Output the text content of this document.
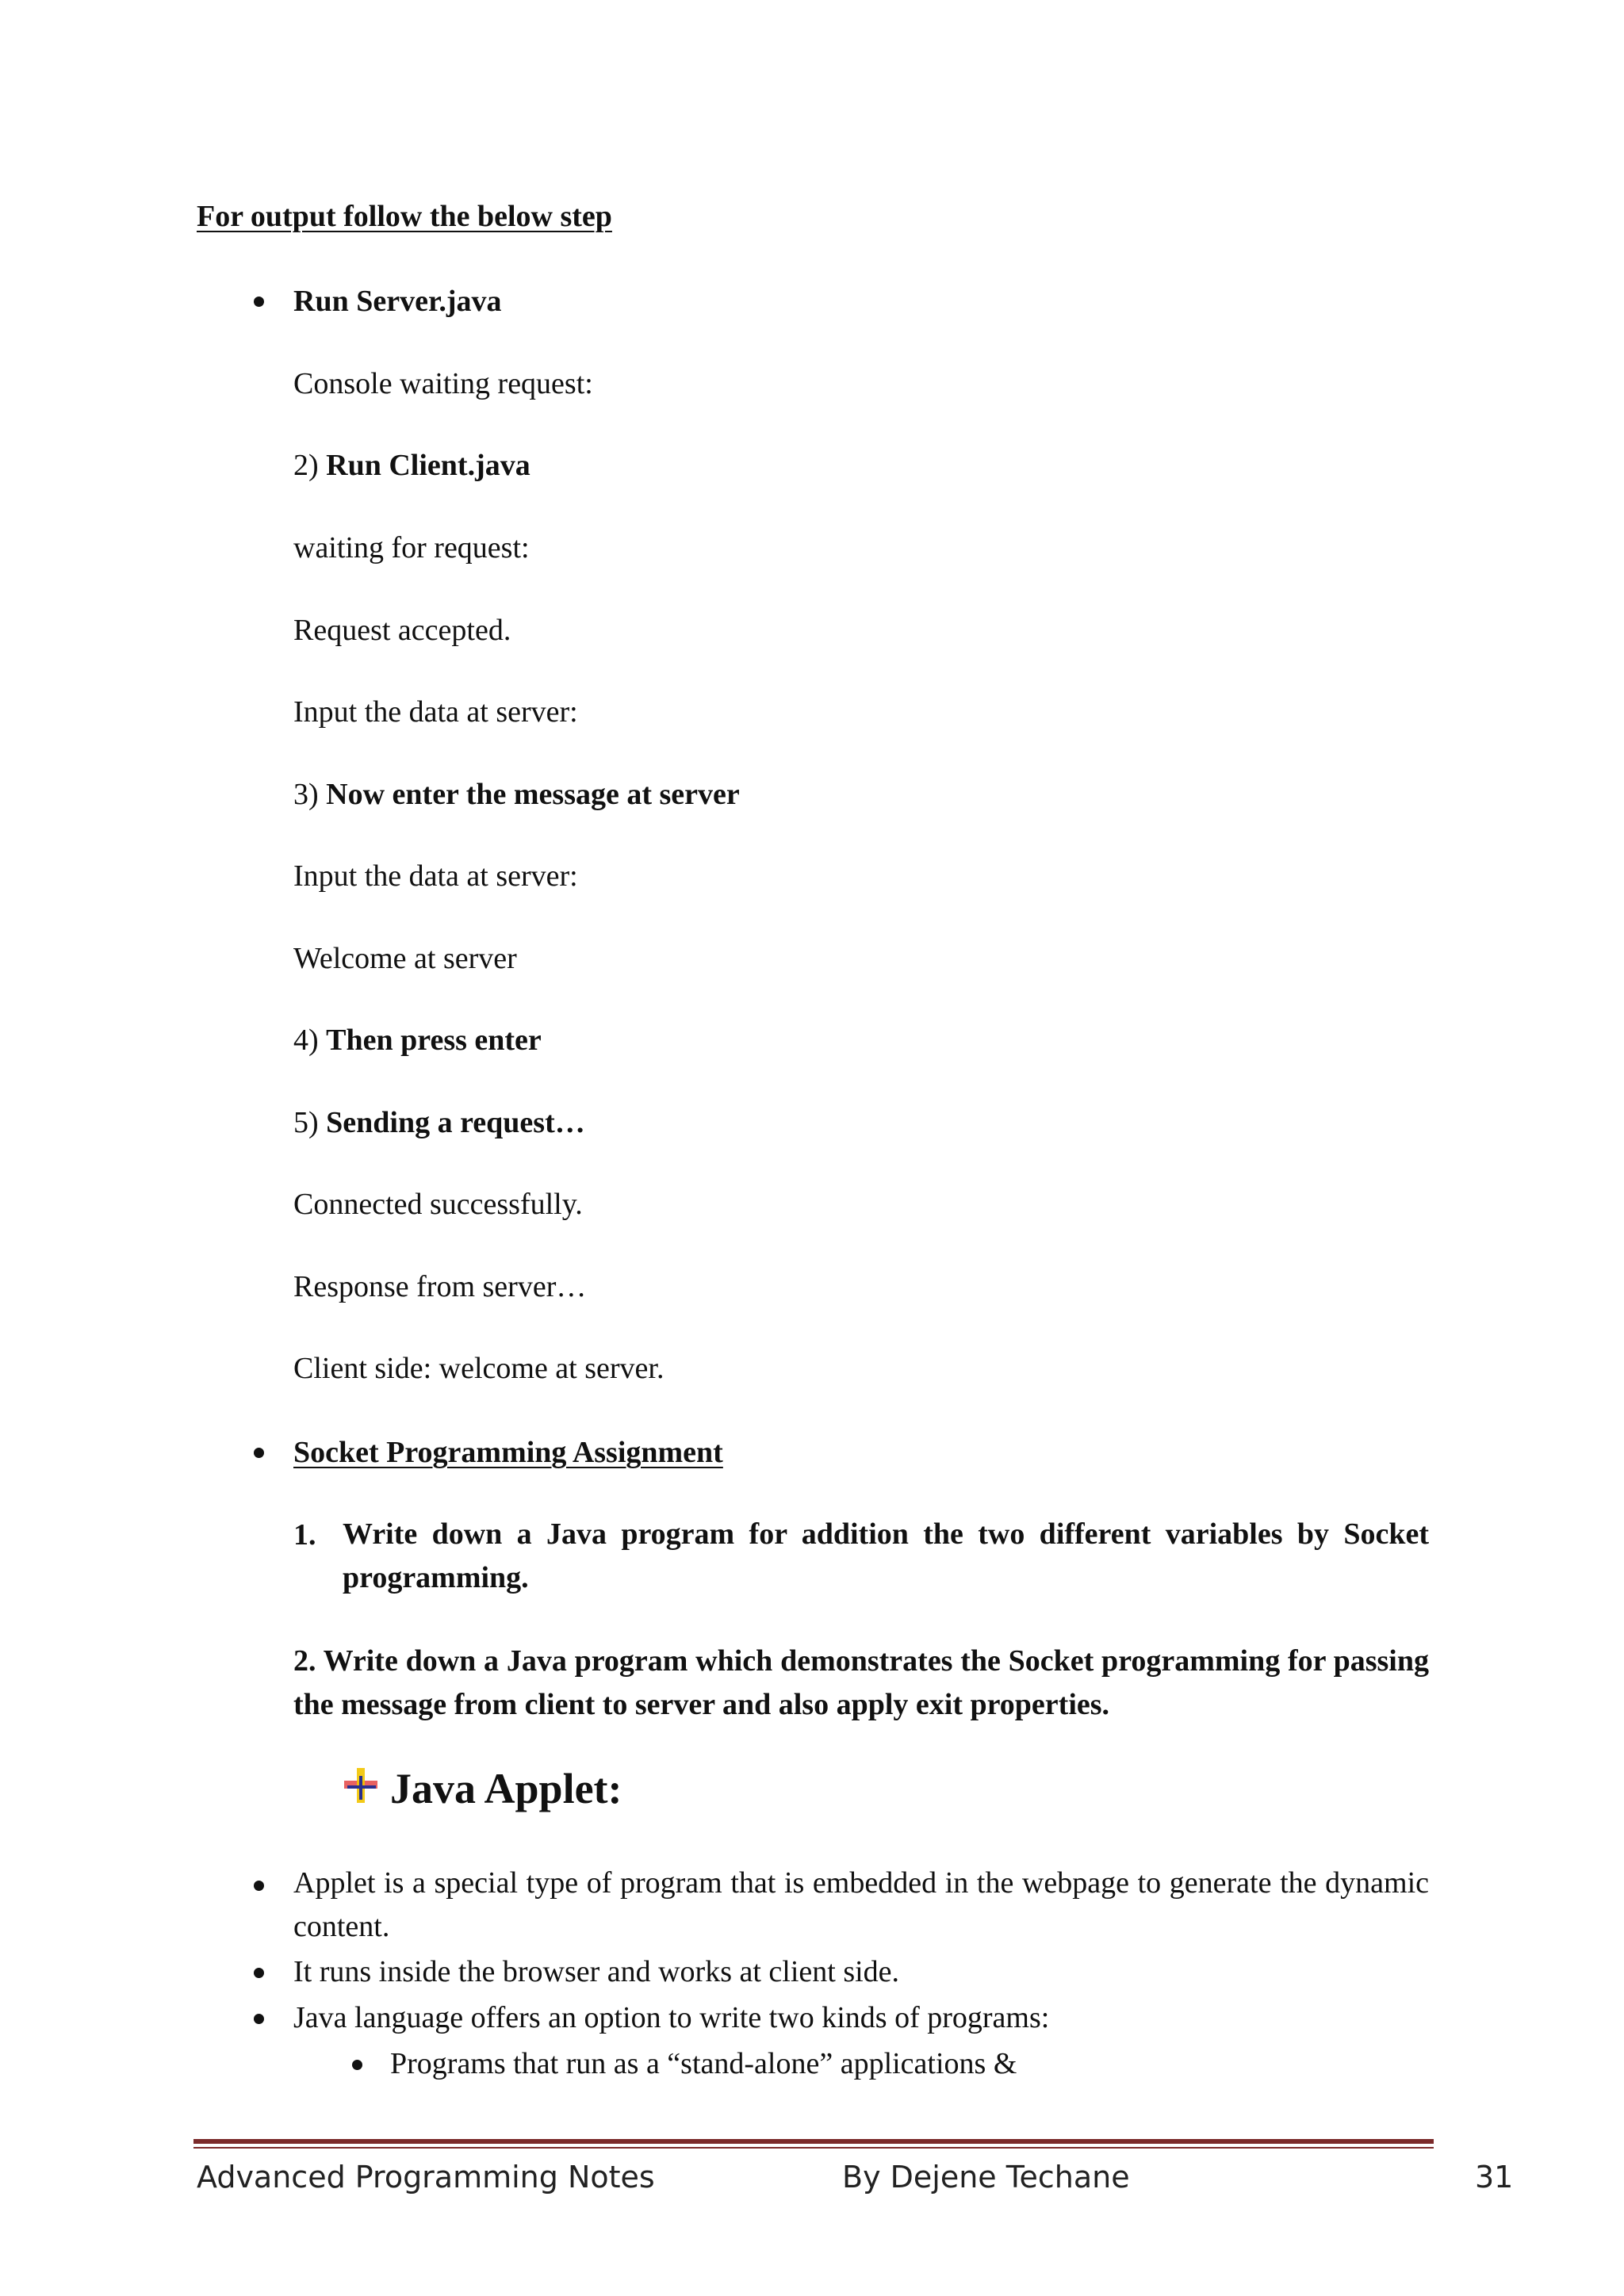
For output follow the below step
Run Server.java
Console waiting request:
2) Run Client.java
waiting for request:
Request accepted.
Input the data at server:
3) Now enter the message at server
Input the data at server:
Welcome at server
4) Then press enter
5) Sending a request…
Connected successfully.
Response from server…
Client side: welcome at server.
Socket Programming Assignment
1. Write down a Java program for addition the two different variables by Socket programming.
2. Write down a Java program which demonstrates the Socket programming for passing the message from client to server and also apply exit properties.
Java Applet:
Applet is a special type of program that is embedded in the webpage to generate the dynamic content.
It runs inside the browser and works at client side.
Java language offers an option to write two kinds of programs:
Programs that run as a “stand-alone” applications &
Advanced Programming Notes	By Dejene Techane	31
